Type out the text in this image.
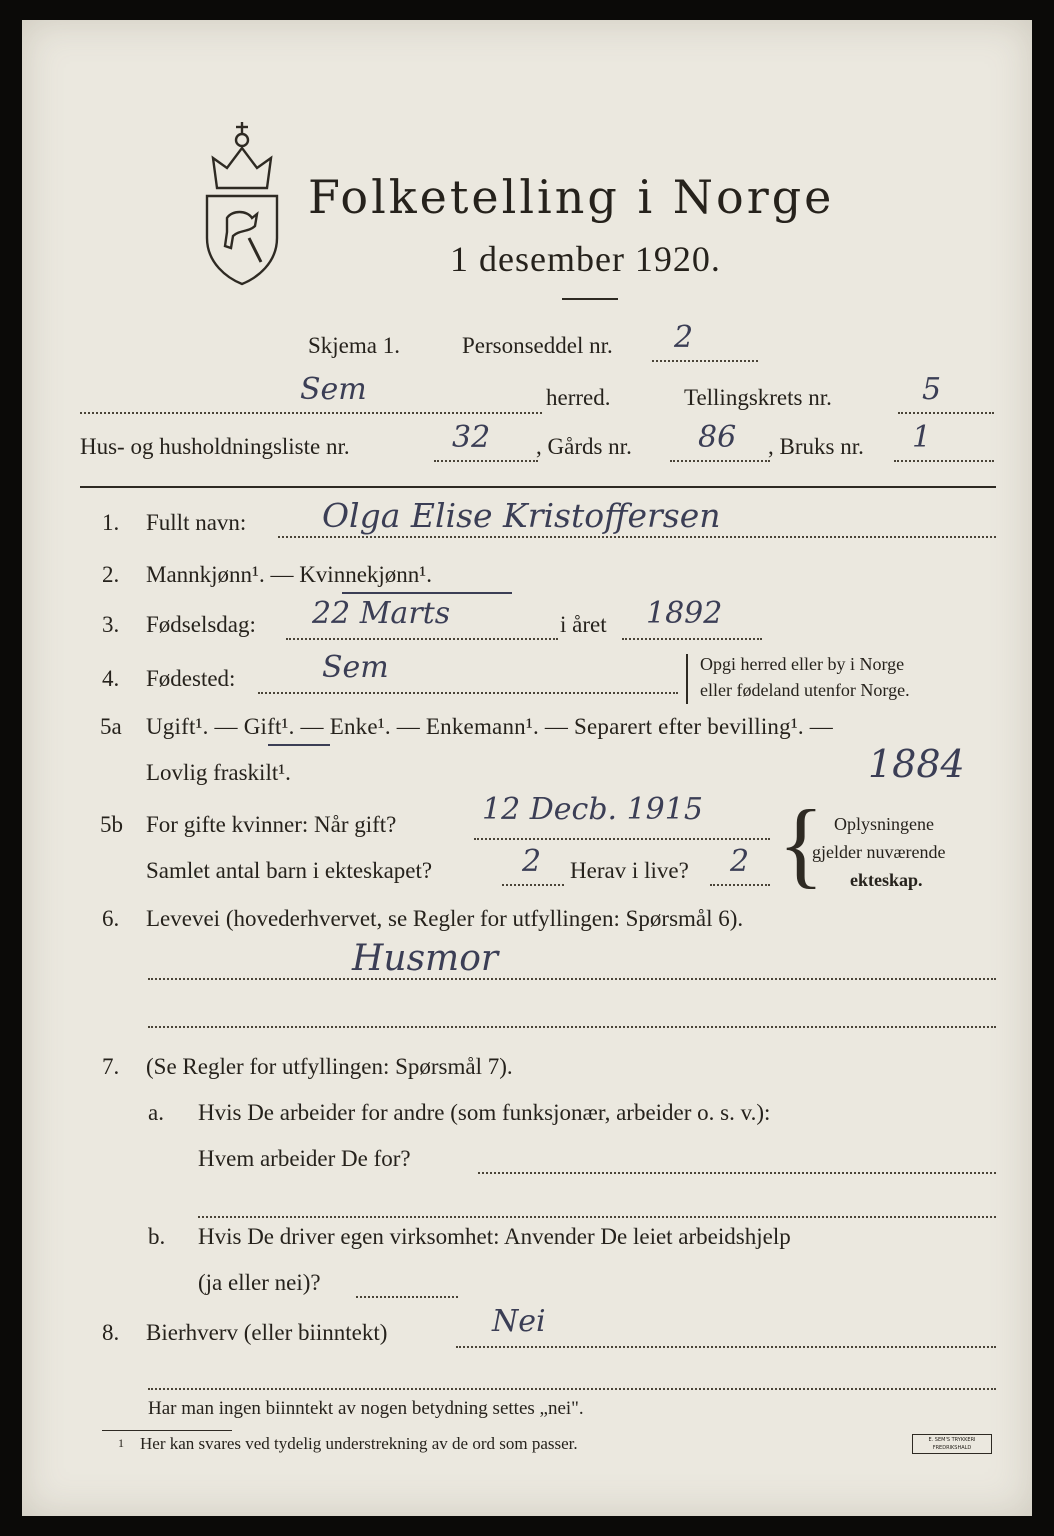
Folketelling i Norge
1 desember 1920.
Skjema 1.	Personseddel nr. 2
Sem	herred.	Tellingskrets nr.	5
Hus- og husholdningsliste nr.	32 , Gårds nr. 86 , Bruks nr. 1
1. Fullt navn: Olga Elise Kristoffersen
2. Mannkjønn¹. — Kvinnekjønn¹.
3. Fødselsdag: 22 Marts	i året 1892
4. Fødested:	Sem	Opgi herred eller by i Norge
eller fødeland utenfor Norge.
5a Ugift¹. — Gift¹. — Enke¹. — Enkemann¹. — Separert efter bevilling¹. —
Lovlig fraskilt¹.	1884
5b For gifte kvinner: Når gift?	12 Decb. 1915
Samlet antal barn i ekteskapet?	2 Herav i live? 2 { Oplysningene
gjelder nuværende
ekteskap.
6. Levevei (hovederhvervet, se Regler for utfyllingen: Spørsmål 6).
Husmor
7. (Se Regler for utfyllingen: Spørsmål 7).
a. Hvis De arbeider for andre (som funksjonær, arbeider o. s. v.):
Hvem arbeider De for?
b. Hvis De driver egen virksomhet: Anvender De leiet arbeidshjelp
(ja eller nei)?
8. Bierhverv (eller biinntekt)	Nei
Har man ingen biinntekt av nogen betydning settes „nei".
1 Her kan svares ved tydelig understrekning av de ord som passer.	E. SEM'S TRYKKERI FREDRIKSHALD
